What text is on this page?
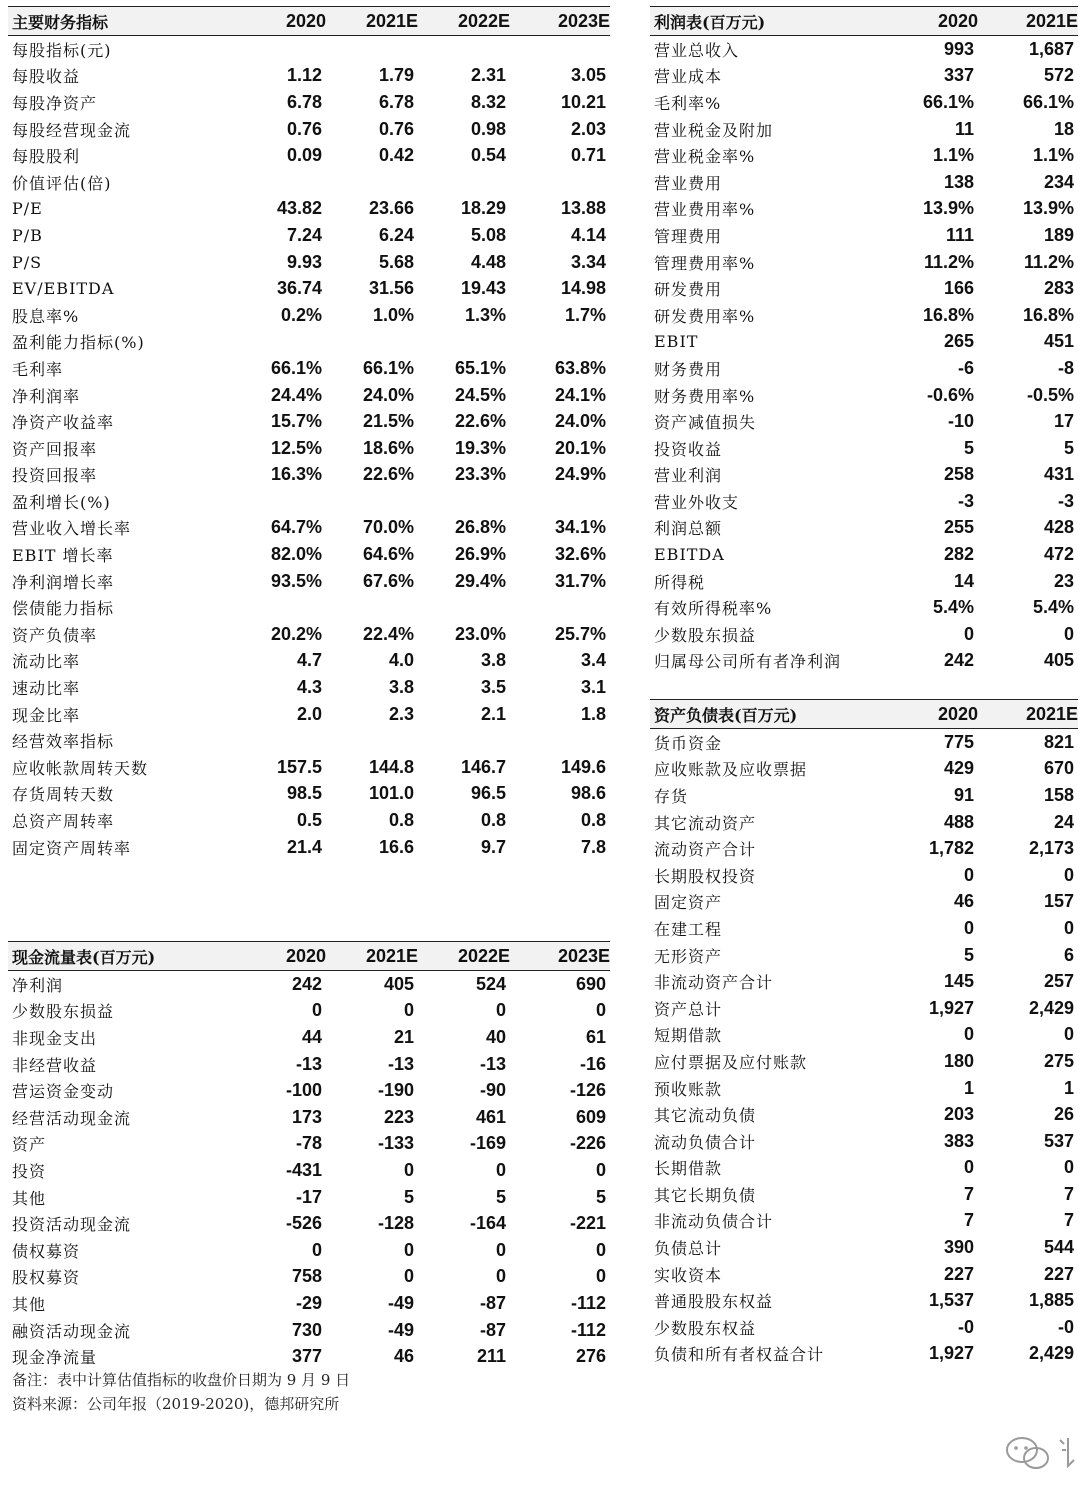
主要财务指标	2020	2021E	2022E	2023E
每股指标(元)				
每股收益	1.12	1.79	2.31	3.05
每股净资产	6.78	6.78	8.32	10.21
每股经营现金流	0.76	0.76	0.98	2.03
每股股利	0.09	0.42	0.54	0.71
价值评估(倍)				
P/E	43.82	23.66	18.29	13.88
P/B	7.24	6.24	5.08	4.14
P/S	9.93	5.68	4.48	3.34
EV/EBITDA	36.74	31.56	19.43	14.98
股息率%	0.2%	1.0%	1.3%	1.7%
盈利能力指标(%)				
毛利率	66.1%	66.1%	65.1%	63.8%
净利润率	24.4%	24.0%	24.5%	24.1%
净资产收益率	15.7%	21.5%	22.6%	24.0%
资产回报率	12.5%	18.6%	19.3%	20.1%
投资回报率	16.3%	22.6%	23.3%	24.9%
盈利增长(%)				
营业收入增长率	64.7%	70.0%	26.8%	34.1%
EBIT 增长率	82.0%	64.6%	26.9%	32.6%
净利润增长率	93.5%	67.6%	29.4%	31.7%
偿债能力指标				
资产负债率	20.2%	22.4%	23.0%	25.7%
流动比率	4.7	4.0	3.8	3.4
速动比率	4.3	3.8	3.5	3.1
现金比率	2.0	2.3	2.1	1.8
经营效率指标				
应收帐款周转天数	157.5	144.8	146.7	149.6
存货周转天数	98.5	101.0	96.5	98.6
总资产周转率	0.5	0.8	0.8	0.8
固定资产周转率	21.4	16.6	9.7	7.8
利润表(百万元)	2020	2021E
营业总收入	993	1,687
营业成本	337	572
毛利率%	66.1%	66.1%
营业税金及附加	11	18
营业税金率%	1.1%	1.1%
营业费用	138	234
营业费用率%	13.9%	13.9%
管理费用	111	189
管理费用率%	11.2%	11.2%
研发费用	166	283
研发费用率%	16.8%	16.8%
EBIT	265	451
财务费用	-6	-8
财务费用率%	-0.6%	-0.5%
资产减值损失	-10	17
投资收益	5	5
营业利润	258	431
营业外收支	-3	-3
利润总额	255	428
EBITDA	282	472
所得税	14	23
有效所得税率%	5.4%	5.4%
少数股东损益	0	0
归属母公司所有者净利润	242	405
资产负债表(百万元)	2020	2021E
货币资金	775	821
应收账款及应收票据	429	670
存货	91	158
其它流动资产	488	24
流动资产合计	1,782	2,173
长期股权投资	0	0
固定资产	46	157
在建工程	0	0
无形资产	5	6
非流动资产合计	145	257
资产总计	1,927	2,429
短期借款	0	0
应付票据及应付账款	180	275
预收账款	1	1
其它流动负债	203	26
流动负债合计	383	537
长期借款	0	0
其它长期负债	7	7
非流动负债合计	7	7
负债总计	390	544
实收资本	227	227
普通股股东权益	1,537	1,885
少数股东权益	-0	-0
负债和所有者权益合计	1,927	2,429
现金流量表(百万元)	2020	2021E	2022E	2023E
净利润	242	405	524	690
少数股东损益	0	0	0	0
非现金支出	44	21	40	61
非经营收益	-13	-13	-13	-16
营运资金变动	-100	-190	-90	-126
经营活动现金流	173	223	461	609
资产	-78	-133	-169	-226
投资	-431	0	0	0
其他	-17	5	5	5
投资活动现金流	-526	-128	-164	-221
债权募资	0	0	0	0
股权募资	758	0	0	0
其他	-29	-49	-87	-112
融资活动现金流	730	-49	-87	-112
现金净流量	377	46	211	276
备注：表中计算估值指标的收盘价日期为 9 月 9 日
资料来源：公司年报（2019-2020)，德邦研究所
